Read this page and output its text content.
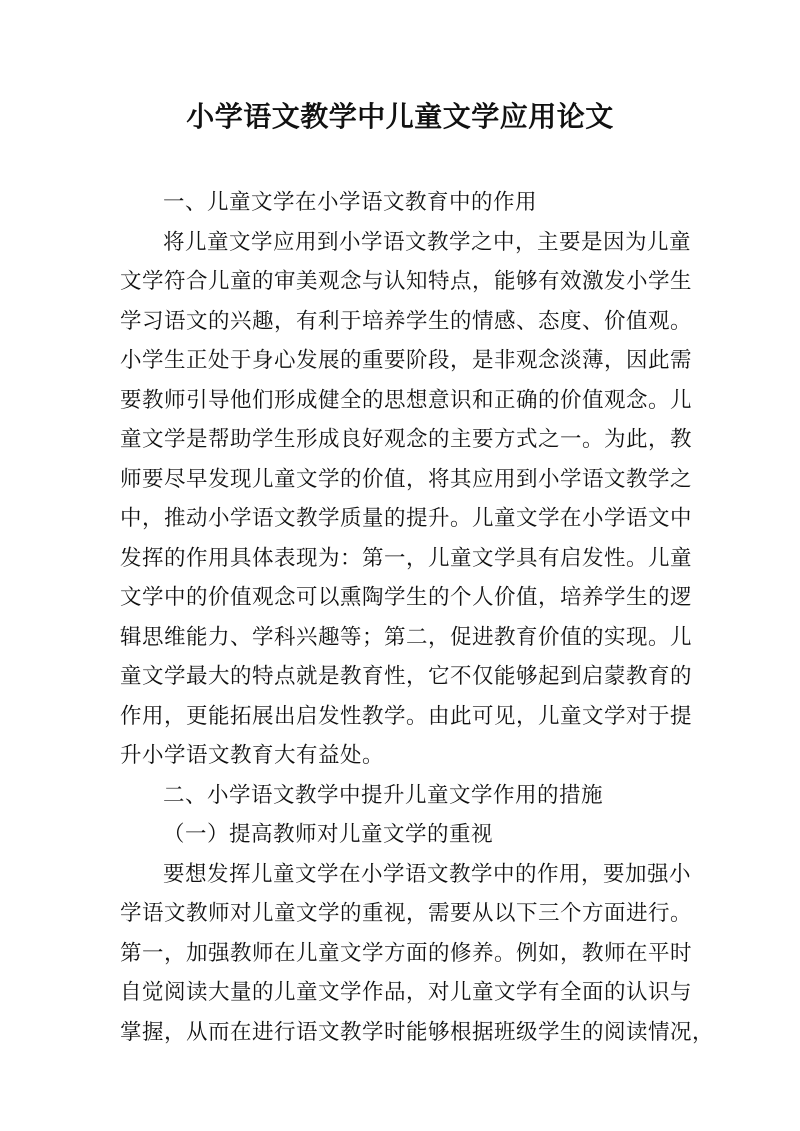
小学语文教学中儿童文学应用论文
一、儿童文学在小学语文教育中的作用
将儿童文学应用到小学语文教学之中，主要是因为儿童
文学符合儿童的审美观念与认知特点，能够有效激发小学生
学习语文的兴趣，有利于培养学生的情感、态度、价值观。
小学生正处于身心发展的重要阶段，是非观念淡薄，因此需
要教师引导他们形成健全的思想意识和正确的价值观念。儿
童文学是帮助学生形成良好观念的主要方式之一。为此，教
师要尽早发现儿童文学的价值，将其应用到小学语文教学之
中，推动小学语文教学质量的提升。儿童文学在小学语文中
发挥的作用具体表现为：第一，儿童文学具有启发性。儿童
文学中的价值观念可以熏陶学生的个人价值，培养学生的逻
辑思维能力、学科兴趣等；第二，促进教育价值的实现。儿
童文学最大的特点就是教育性，它不仅能够起到启蒙教育的
作用，更能拓展出启发性教学。由此可见，儿童文学对于提
升小学语文教育大有益处。
二、小学语文教学中提升儿童文学作用的措施
（一）提高教师对儿童文学的重视
要想发挥儿童文学在小学语文教学中的作用，要加强小
学语文教师对儿童文学的重视，需要从以下三个方面进行。
第一，加强教师在儿童文学方面的修养。例如，教师在平时
自觉阅读大量的儿童文学作品，对儿童文学有全面的认识与
掌握，从而在进行语文教学时能够根据班级学生的阅读情况，
